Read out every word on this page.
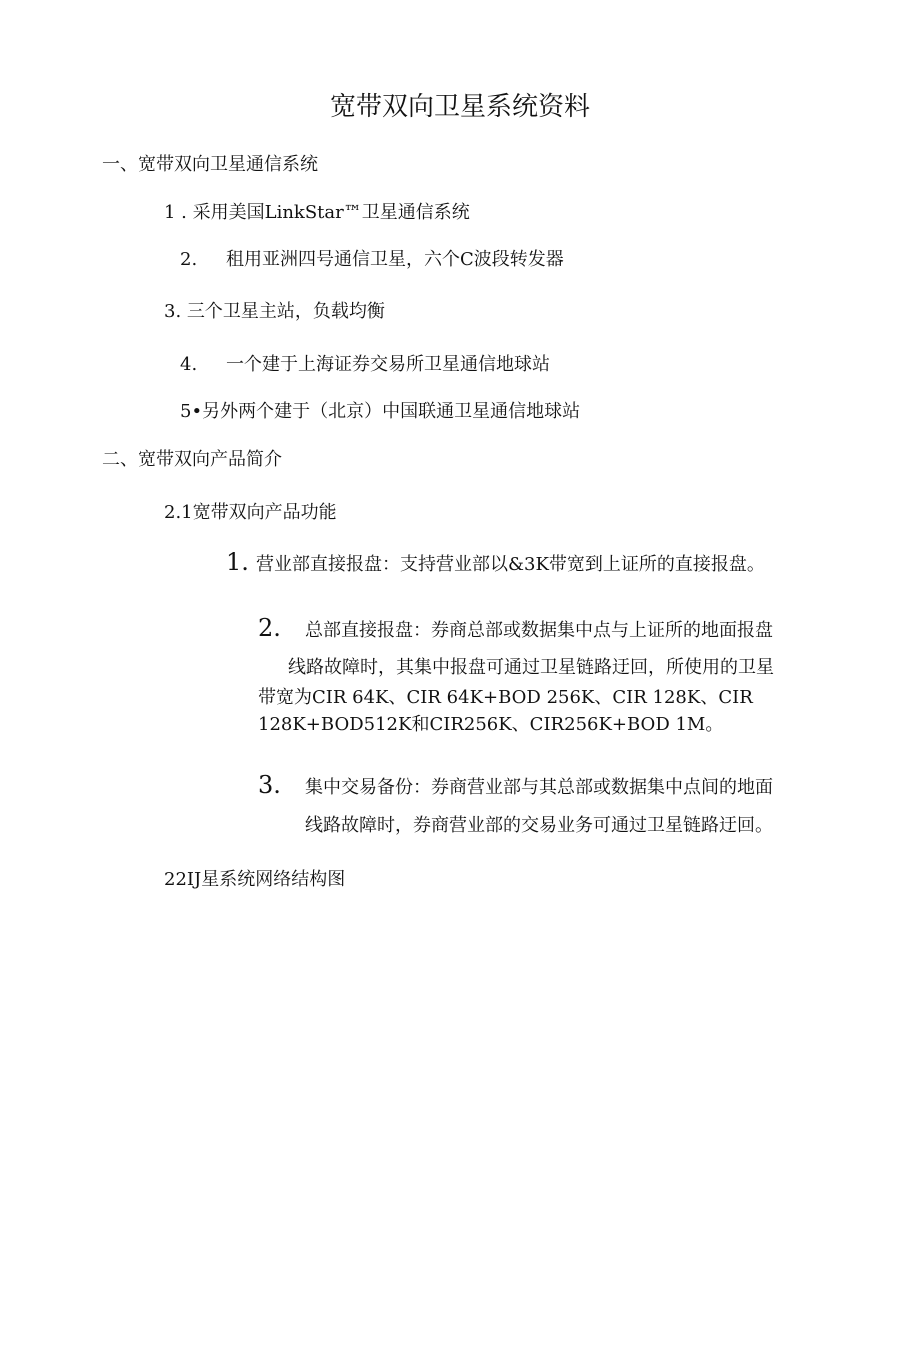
宽带双向卫星系统资料
一、宽带双向卫星通信系统
1 . 采用美国LinkStar™卫星通信系统
2. 租用亚洲四号通信卫星，六个C波段转发器
3. 三个卫星主站，负载均衡
4. 一个建于上海证券交易所卫星通信地球站
5•另外两个建于（北京）中国联通卫星通信地球站
二、宽带双向产品简介
2.1宽带双向产品功能
1. 营业部直接报盘：支持营业部以&3K带宽到上证所的直接报盘。
2. 总部直接报盘：券商总部或数据集中点与上证所的地面报盘
线路故障时，其集中报盘可通过卫星链路迂回，所使用的卫星
带宽为CIR 64K、CIR 64K+BOD 256K、CIR 128K、CIR
128K+BOD512K和CIR256K、CIR256K+BOD 1M。
3. 集中交易备份：券商营业部与其总部或数据集中点间的地面
线路故障时，券商营业部的交易业务可通过卫星链路迂回。
22IJ星系统网络结构图
